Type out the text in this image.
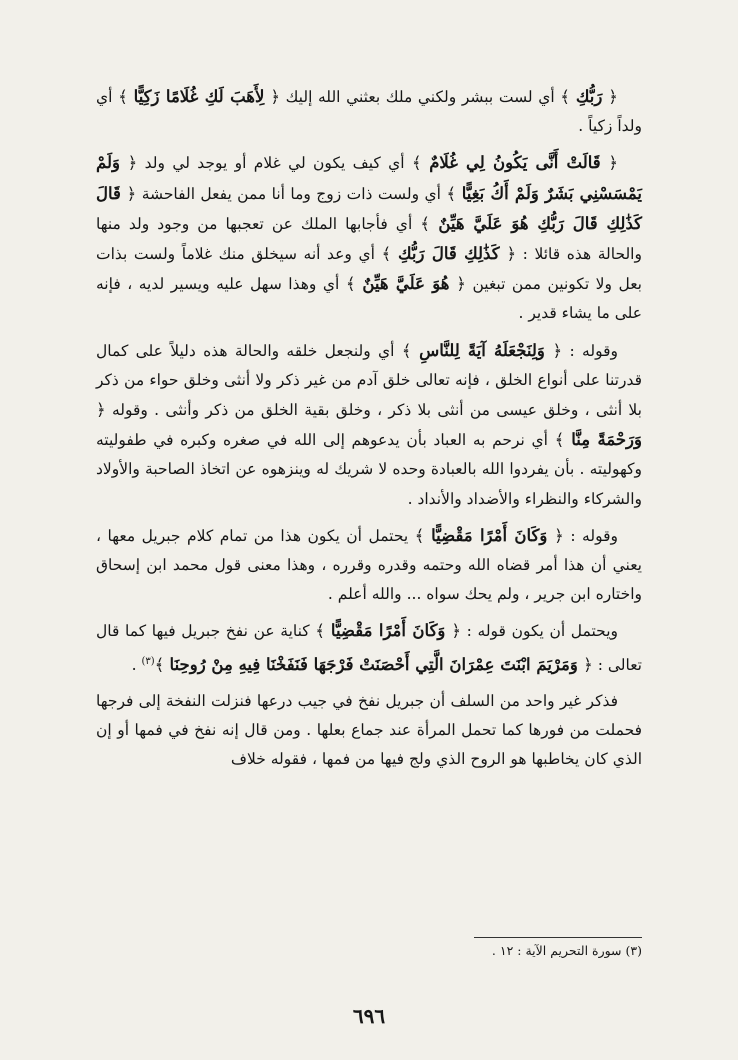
﴿ رَبُّكِ ﴾ أي لست ببشر ولكني ملك بعثني الله إليك ﴿ لِأَهَبَ لَكِ غُلَامًا زَكِيًّا ﴾ أي ولداً زكياً .

﴿ قَالَتْ أَنَّى يَكُونُ لِي غُلَامٌ ﴾ أي كيف يكون لي غلام أو يوجد لي ولد ﴿ وَلَمْ يَمْسَسْنِي بَشَرٌ وَلَمْ أَكُ بَغِيًّا ﴾ أي ولست ذات زوج وما أنا ممن يفعل الفاحشة ﴿ قَالَ كَذَٰلِكِ قَالَ رَبُّكِ هُوَ عَلَيَّ هَيِّنٌ ﴾ أي فأجابها الملك عن تعجبها من وجود ولد منها والحالة هذه قائلا : ﴿ كَذَٰلِكِ قَالَ رَبُّكِ ﴾ أي وعد أنه سيخلق منك غلاماً ولست بذات بعل ولا تكونين ممن تبغين ﴿ هُوَ عَلَيَّ هَيِّنٌ ﴾ أي وهذا سهل عليه ويسير لديه ، فإنه على ما يشاء قدير .

وقوله : ﴿ وَلِنَجْعَلَهُ آيَةً لِلنَّاسِ ﴾ أي ولنجعل خلقه والحالة هذه دليلاً على كمال قدرتنا على أنواع الخلق ، فإنه تعالى خلق آدم من غير ذكر ولا أنثى وخلق حواء من ذكر بلا أنثى ، وخلق عيسى من أنثى بلا ذكر ، وخلق بقية الخلق من ذكر وأنثى . وقوله ﴿ وَرَحْمَةً مِنَّا ﴾ أي نرحم به العباد بأن يدعوهم إلى الله في صغره وكبره في طفوليته وكهوليته . بأن يفردوا الله بالعبادة وحده لا شريك له وينزهوه عن اتخاذ الصاحبة والأولاد والشركاء والنظراء والأضداد والأنداد .

وقوله : ﴿ وَكَانَ أَمْرًا مَقْضِيًّا ﴾ يحتمل أن يكون هذا من تمام كلام جبريل معها ، يعني أن هذا أمر قضاه الله وحتمه وقدره وقرره ، وهذا معنى قول محمد ابن إسحاق واختاره ابن جرير ، ولم يحك سواه ... والله أعلم .

ويحتمل أن يكون قوله : ﴿ وَكَانَ أَمْرًا مَقْضِيًّا ﴾ كناية عن نفخ جبريل فيها كما قال تعالى : ﴿ وَمَرْيَمَ ابْنَتَ عِمْرَانَ الَّتِي أَحْصَنَتْ فَرْجَهَا فَنَفَخْنَا فِيهِ مِنْ رُوحِنَا ﴾$^{(٣)}$ .

فذكر غير واحد من السلف أن جبريل نفخ في جيب درعها فنزلت النفخة إلى فرجها فحملت من فورها كما تحمل المرأة عند جماع بعلها . ومن قال إنه نفخ في فمها أو إن الذي كان يخاطبها هو الروح الذي ولج فيها من فمها ، فقوله خلاف

(٣) سورة التحريم الآية : ١٢ .
٦٩٦
